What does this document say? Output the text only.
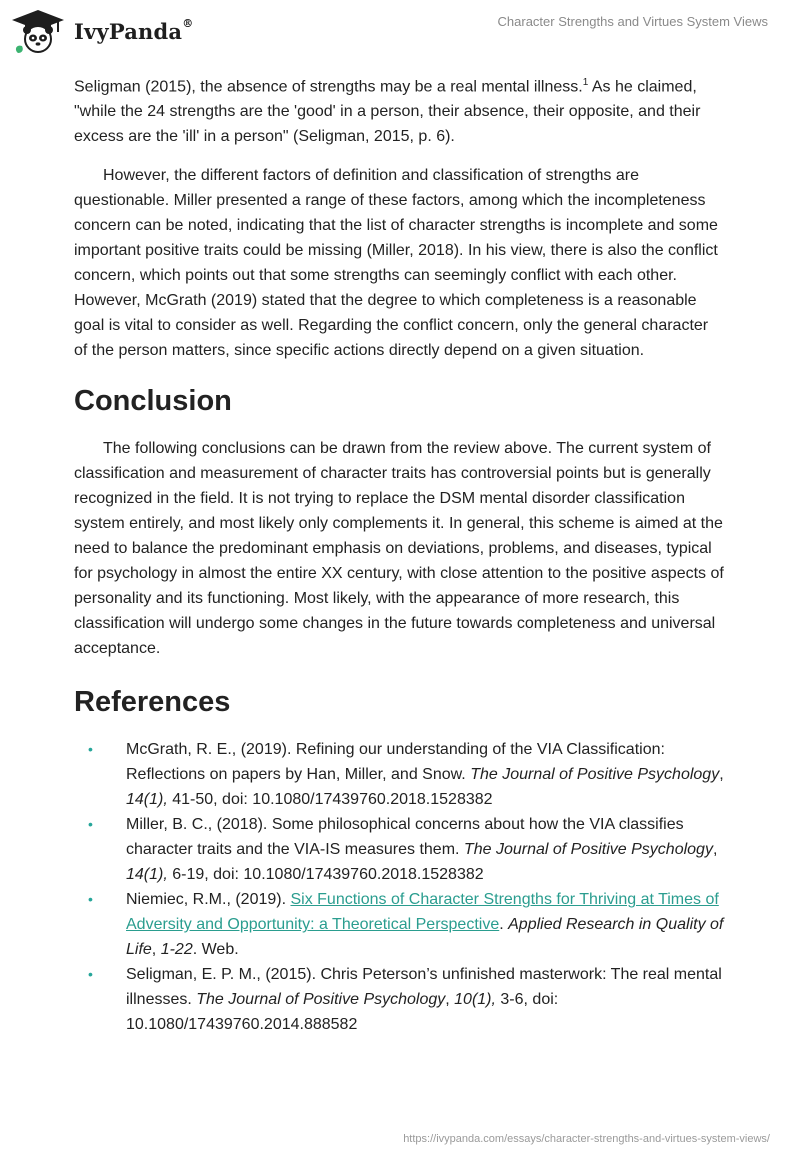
IvyPanda®	Character Strengths and Virtues System Views

Seligman (2015), the absence of strengths may be a real mental illness.$^1$ As he claimed, "while the 24 strengths are the 'good' in a person, their absence, their opposite, and their excess are the 'ill' in a person" (Seligman, 2015, p. 6).

However, the different factors of definition and classification of strengths are questionable. Miller presented a range of these factors, among which the incompleteness concern can be noted, indicating that the list of character strengths is incomplete and some important positive traits could be missing (Miller, 2018). In his view, there is also the conflict concern, which points out that some strengths can seemingly conflict with each other. However, McGrath (2019) stated that the degree to which completeness is a reasonable goal is vital to consider as well. Regarding the conflict concern, only the general character of the person matters, since specific actions directly depend on a given situation.

Conclusion

The following conclusions can be drawn from the review above. The current system of classification and measurement of character traits has controversial points but is generally recognized in the field. It is not trying to replace the DSM mental disorder classification system entirely, and most likely only complements it. In general, this scheme is aimed at the need to balance the predominant emphasis on deviations, problems, and diseases, typical for psychology in almost the entire XX century, with close attention to the positive aspects of personality and its functioning. Most likely, with the appearance of more research, this classification will undergo some changes in the future towards completeness and universal acceptance.

References
• McGrath, R. E., (2019). Refining our understanding of the VIA Classification: Reflections on papers by Han, Miller, and Snow. The Journal of Positive Psychology, 14(1), 41-50, doi: 10.1080/17439760.2018.1528382
• Miller, B. C., (2018). Some philosophical concerns about how the VIA classifies character traits and the VIA-IS measures them. The Journal of Positive Psychology, 14(1), 6-19, doi: 10.1080/17439760.2018.1528382
• Niemiec, R.M., (2019). Six Functions of Character Strengths for Thriving at Times of Adversity and Opportunity: a Theoretical Perspective. Applied Research in Quality of Life, 1-22. Web.
• Seligman, E. P. M., (2015). Chris Peterson’s unfinished masterwork: The real mental illnesses. The Journal of Positive Psychology, 10(1), 3-6, doi: 10.1080/17439760.2014.888582
https://ivypanda.com/essays/character-strengths-and-virtues-system-views/
